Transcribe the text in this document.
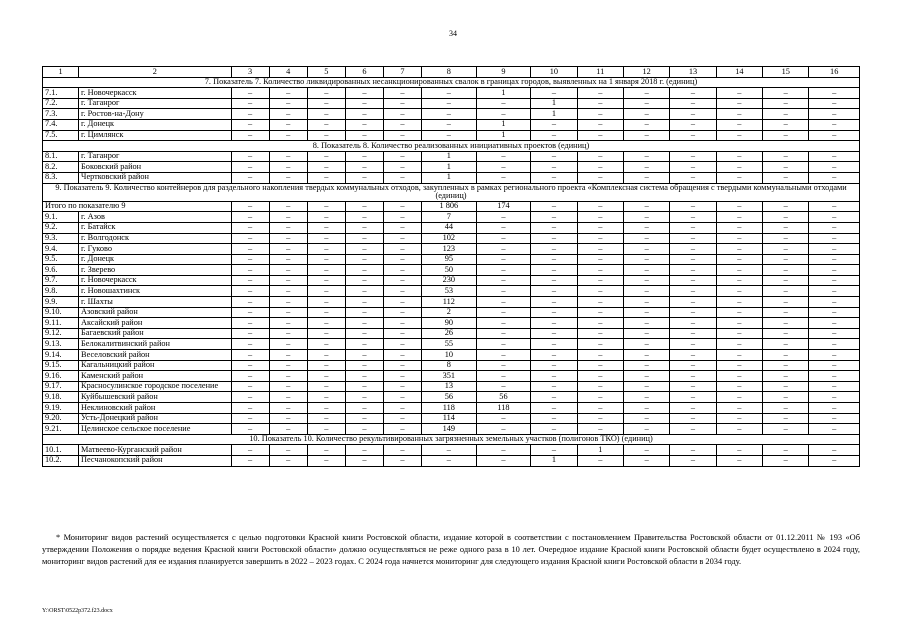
34
1	2	3	4	5	6	7	8	9	10	11	12	13	14	15	16
7. Показатель 7. Количество ликвидированных несанкционированных свалок в границах городов, выявленных на 1 января 2018 г. (единиц)															
7.1.	г. Новочеркасск	–	–	–	–	–	–	1	–	–	–	–	–	–	–
7.2.	г. Таганрог	–	–	–	–	–	–	–	1	–	–	–	–	–	–
7.3.	г. Ростов-на-Дону	–	–	–	–	–	–	–	1	–	–	–	–	–	–
7.4.	г. Донецк	–	–	–	–	–	–	1	–	–	–	–	–	–	–
7.5.	г. Цимлянск	–	–	–	–	–	–	1	–	–	–	–	–	–	–
8. Показатель 8. Количество реализованных инициативных проектов (единиц)															
8.1.	г. Таганрог	–	–	–	–	–	1	–	–	–	–	–	–	–	–
8.2.	Боковский район	–	–	–	–	–	1	–	–	–	–	–	–	–	–
8.3.	Чертковский район	–	–	–	–	–	1	–	–	–	–	–	–	–	–
9. Показатель 9. Количество контейнеров для раздельного накопления твердых коммунальных отходов, закупленных в рамках регионального проекта «Комплексная система обращения с твердыми коммунальными отходами (единиц)															
Итого по показателю 9		–	–	–	–	–	1 806	174	–	–	–	–	–	–	–
9.1.	г. Азов	–	–	–	–	–	7	–	–	–	–	–	–	–	–
9.2.	г. Батайск	–	–	–	–	–	44	–	–	–	–	–	–	–	–
9.3.	г. Волгодонск	–	–	–	–	–	102	–	–	–	–	–	–	–	–
9.4.	г. Гуково	–	–	–	–	–	123	–	–	–	–	–	–	–	–
9.5.	г. Донецк	–	–	–	–	–	95	–	–	–	–	–	–	–	–
9.6.	г. Зверево	–	–	–	–	–	50	–	–	–	–	–	–	–	–
9.7.	г. Новочеркасск	–	–	–	–	–	230	–	–	–	–	–	–	–	–
9.8.	г. Новошахтинск	–	–	–	–	–	53	–	–	–	–	–	–	–	–
9.9.	г. Шахты	–	–	–	–	–	112	–	–	–	–	–	–	–	–
9.10.	Азовский район	–	–	–	–	–	2	–	–	–	–	–	–	–	–
9.11.	Аксайский район	–	–	–	–	–	90	–	–	–	–	–	–	–	–
9.12.	Багаевский район	–	–	–	–	–	26	–	–	–	–	–	–	–	–
9.13.	Белокалитвинский район	–	–	–	–	–	55	–	–	–	–	–	–	–	–
9.14.	Веселовский район	–	–	–	–	–	10	–	–	–	–	–	–	–	–
9.15.	Кагальницкий район	–	–	–	–	–	8	–	–	–	–	–	–	–	–
9.16.	Каменский район	–	–	–	–	–	351	–	–	–	–	–	–	–	–
9.17.	Красносулинское городское поселение	–	–	–	–	–	13	–	–	–	–	–	–	–	–
9.18.	Куйбышевский район	–	–	–	–	–	56	56	–	–	–	–	–	–	–
9.19.	Неклиновский район	–	–	–	–	–	118	118	–	–	–	–	–	–	–
9.20.	Усть-Донецкий район	–	–	–	–	–	114	–	–	–	–	–	–	–	–
9.21.	Целинское сельское поселение	–	–	–	–	–	149	–	–	–	–	–	–	–	–
10. Показатель 10. Количество рекультивированных загрязненных земельных участков (полигонов ТКО) (единиц)															
10.1.	Матвеево-Курганский район	–	–	–	–	–	–	–	–	1	–	–	–	–	–
10.2.	Песчанокопский район	–	–	–	–	–	–	–	1	–	–	–	–	–	–
* Мониторинг видов растений осуществляется с целью подготовки Красной книги Ростовской области, издание которой в соответствии с постановлением Правительства Ростовской области от 01.12.2011 № 193 «Об утверждении Положения о порядке ведения Красной книги Ростовской области» должно осуществляться не реже одного раза в 10 лет. Очередное издание Красной книги Ростовской области будет осуществлено в 2024 году, мониторинг видов растений для ее издания планируется завершить в 2022 – 2023 годах. С 2024 года начнется мониторинг для следующего издания Красной книги Ростовской области в 2034 году.
Y:\ORST\0522p372.f23.docx
